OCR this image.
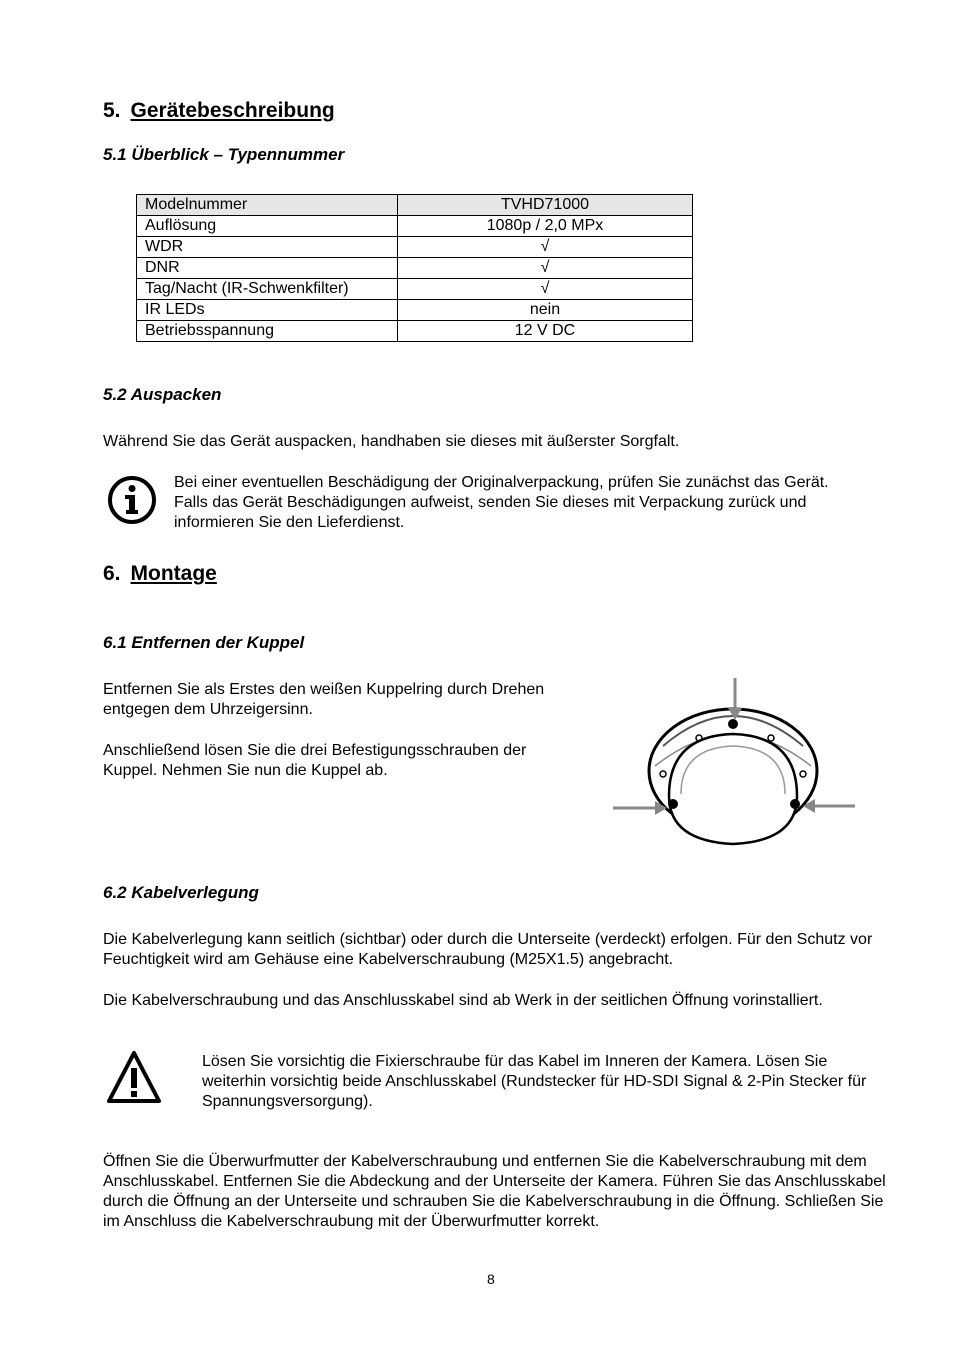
5. Gerätebeschreibung
5.1 Überblick – Typennummer
Modelnummer	TVHD71000
Auflösung	1080p / 2,0 MPx
WDR	√
DNR	√
Tag/Nacht (IR-Schwenkfilter)	√
IR LEDs	nein
Betriebsspannung	12 V DC
5.2 Auspacken
Während Sie das Gerät auspacken, handhaben sie dieses mit äußerster Sorgfalt.
Bei einer eventuellen Beschädigung der Originalverpackung, prüfen Sie zunächst das Gerät. Falls das Gerät Beschädigungen aufweist, senden Sie dieses mit Verpackung zurück und informieren Sie den Lieferdienst.
6. Montage
6.1 Entfernen der Kuppel
Entfernen Sie als Erstes den weißen Kuppelring durch Drehen entgegen dem Uhrzeigersinn.
Anschließend lösen Sie die drei Befestigungsschrauben der Kuppel. Nehmen Sie nun die Kuppel ab.
6.2 Kabelverlegung
Die Kabelverlegung kann seitlich (sichtbar) oder durch die Unterseite (verdeckt) erfolgen. Für den Schutz vor Feuchtigkeit wird am Gehäuse eine Kabelverschraubung (M25X1.5) angebracht.
Die Kabelverschraubung und das Anschlusskabel sind ab Werk in der seitlichen Öffnung vorinstalliert.
Lösen Sie vorsichtig die Fixierschraube für das Kabel im Inneren der Kamera. Lösen Sie weiterhin vorsichtig beide Anschlusskabel (Rundstecker für HD-SDI Signal & 2-Pin Stecker für Spannungsversorgung).
Öffnen Sie die Überwurfmutter der Kabelverschraubung und entfernen Sie die Kabelverschraubung mit dem Anschlusskabel. Entfernen Sie die Abdeckung and der Unterseite der Kamera. Führen Sie das Anschlusskabel durch die Öffnung an der Unterseite und schrauben Sie die Kabelverschraubung in die Öffnung. Schließen Sie im Anschluss die Kabelverschraubung mit der Überwurfmutter korrekt.
8
